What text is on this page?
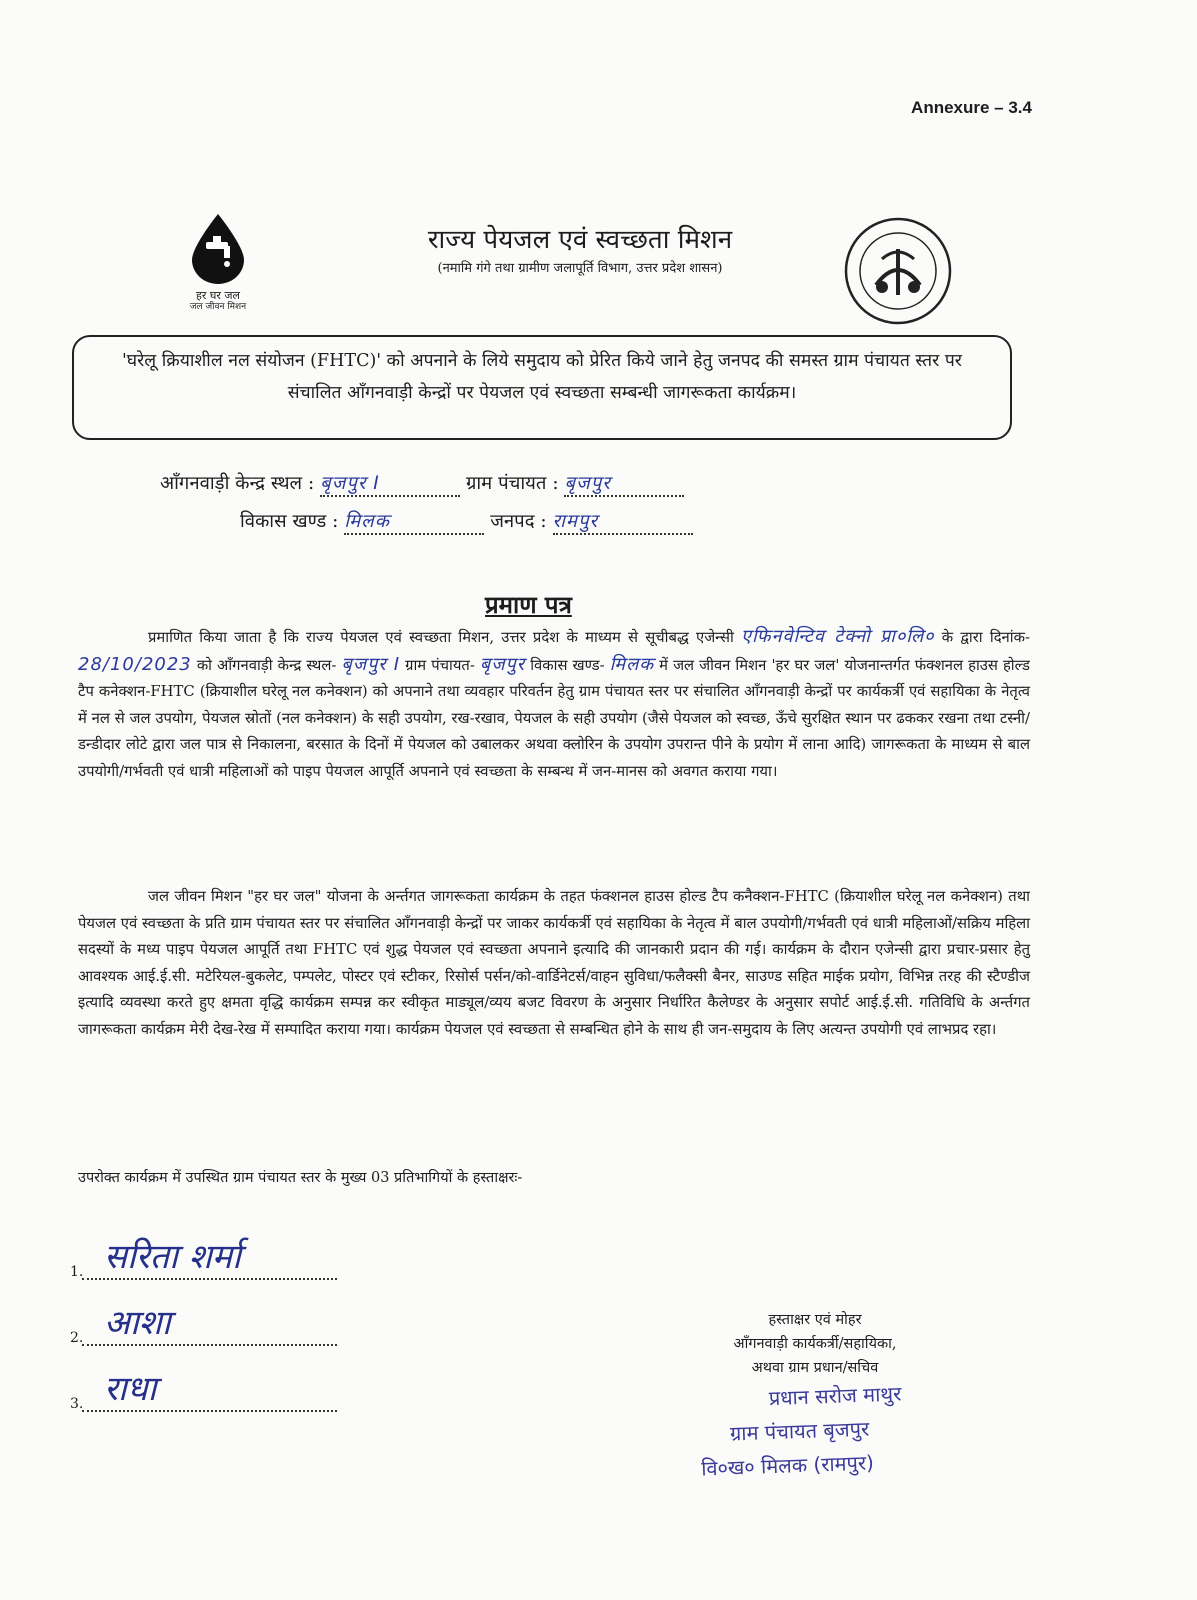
Annexure – 3.4
हर घर जल
जल जीवन मिशन
राज्य पेयजल एवं स्वच्छता मिशन
(नमामि गंगे तथा ग्रामीण जलापूर्ति विभाग, उत्तर प्रदेश शासन)
'घरेलू क्रियाशील नल संयोजन (FHTC)' को अपनाने के लिये समुदाय को प्रेरित किये जाने हेतु जनपद की समस्त ग्राम पंचायत स्तर पर संचालित आँगनवाड़ी केन्द्रों पर पेयजल एवं स्वच्छता सम्बन्धी जागरूकता कार्यक्रम।
आँगनवाड़ी केन्द्र स्थल : बृजपुर I	ग्राम पंचायत : बृजपुर
विकास खण्ड : मिलक	जनपद : रामपुर
प्रमाण पत्र

प्रमाणित किया जाता है कि राज्य पेयजल एवं स्वच्छता मिशन, उत्तर प्रदेश के माध्यम से सूचीबद्ध एजेन्सी एफिनवेन्टिव टेक्नो प्रा०लि० के द्वारा दिनांक- 28/10/2023 को आँगनवाड़ी केन्द्र स्थल- बृजपुर I ग्राम पंचायत- बृजपुर विकास खण्ड- मिलक में जल जीवन मिशन 'हर घर जल' योजनान्तर्गत फंक्शनल हाउस होल्ड टैप कनेक्शन-FHTC (क्रियाशील घरेलू नल कनेक्शन) को अपनाने तथा व्यवहार परिवर्तन हेतु ग्राम पंचायत स्तर पर संचालित आँगनवाड़ी केन्द्रों पर कार्यकर्त्री एवं सहायिका के नेतृत्व में नल से जल उपयोग, पेयजल स्रोतों (नल कनेक्शन) के सही उपयोग, रख-रखाव, पेयजल के सही उपयोग (जैसे पेयजल को स्वच्छ, ऊँचे सुरक्षित स्थान पर ढककर रखना तथा टस्नी/डन्डीदार लोटे द्वारा जल पात्र से निकालना, बरसात के दिनों में पेयजल को उबालकर अथवा क्लोरिन के उपयोग उपरान्त पीने के प्रयोग में लाना आदि) जागरूकता के माध्यम से बाल उपयोगी/गर्भवती एवं धात्री महिलाओं को पाइप पेयजल आपूर्ति अपनाने एवं स्वच्छता के सम्बन्ध में जन-मानस को अवगत कराया गया।

जल जीवन मिशन "हर घर जल" योजना के अर्न्तगत जागरूकता कार्यक्रम के तहत फंक्शनल हाउस होल्ड टैप कनैक्शन-FHTC (क्रियाशील घरेलू नल कनेक्शन) तथा पेयजल एवं स्वच्छता के प्रति ग्राम पंचायत स्तर पर संचालित आँगनवाड़ी केन्द्रों पर जाकर कार्यकर्त्री एवं सहायिका के नेतृत्व में बाल उपयोगी/गर्भवती एवं धात्री महिलाओं/सक्रिय महिला सदस्यों के मध्य पाइप पेयजल आपूर्ति तथा FHTC एवं शुद्ध पेयजल एवं स्वच्छता अपनाने इत्यादि की जानकारी प्रदान की गई। कार्यक्रम के दौरान एजेन्सी द्वारा प्रचार-प्रसार हेतु आवश्यक आई.ई.सी. मटेरियल-बुकलेट, पम्पलेट, पोस्टर एवं स्टीकर, रिसोर्स पर्सन/को-वार्डिनेटर्स/वाहन सुविधा/फलैक्सी बैनर, साउण्ड सहित माईक प्रयोग, विभिन्न तरह की स्टैण्डीज इत्यादि व्यवस्था करते हुए क्षमता वृद्धि कार्यक्रम सम्पन्न कर स्वीकृत माड्यूल/व्यय बजट विवरण के अनुसार निर्धारित कैलेण्डर के अनुसार सपोर्ट आई.ई.सी. गतिविधि के अर्न्तगत जागरूकता कार्यक्रम मेरी देख-रेख में सम्पादित कराया गया। कार्यक्रम पेयजल एवं स्वच्छता से सम्बन्धित होने के साथ ही जन-समुदाय के लिए अत्यन्त उपयोगी एवं लाभप्रद रहा।

उपरोक्त कार्यक्रम में उपस्थित ग्राम पंचायत स्तर के मुख्य 03 प्रतिभागियों के हस्ताक्षरः-
1. सरिता शर्मा
2. आशा
3. राधा
हस्ताक्षर एवं मोहर
आँगनवाड़ी कार्यकर्त्री/सहायिका,
अथवा ग्राम प्रधान/सचिव
प्रधान सरोज माथुर
ग्राम पंचायत बृजपुर
वि०ख० मिलक (रामपुर)
